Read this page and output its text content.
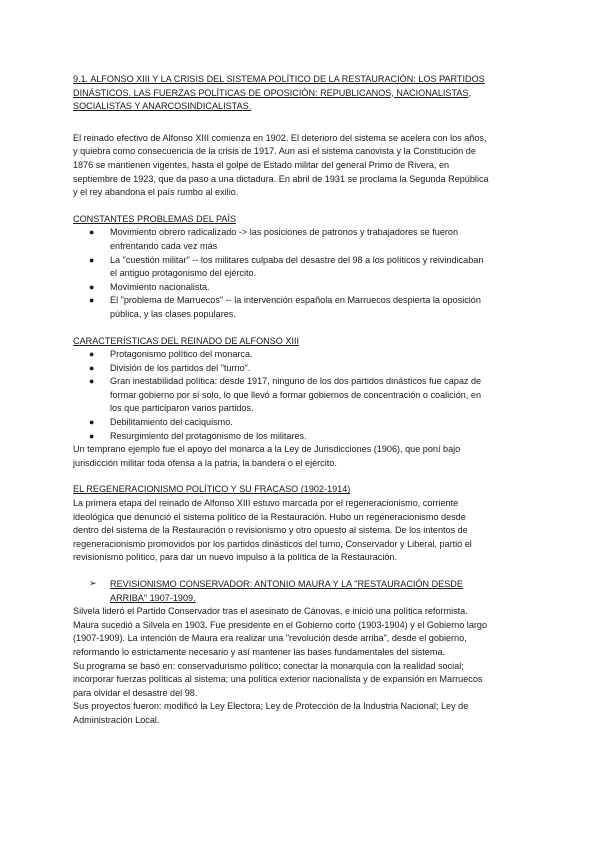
9.1. ALFONSO XIII Y LA CRISIS DEL SISTEMA POLÍTICO DE LA RESTAURACIÓN: LOS PARTIDOS DINÁSTICOS. LAS FUERZAS POLÍTICAS DE OPOSICIÓN: REPUBLICANOS, NACIONALISTAS, SOCIALISTAS Y ANARCOSINDICALISTAS.

El reinado efectivo de Alfonso XIII comienza en 1902. El deterioro del sistema se acelera con los años, y quiebra como consecuencia de la crisis de 1917. Aun así el sistema canovista y la Constitución de 1876 se mantienen vigentes, hasta el golpe de Estado militar del general Primo de Rivera, en septiembre de 1923, que da paso a una dictadura. En abril de 1931 se proclama la Segunda República y el rey abandona el país rumbo al exilio.

CONSTANTES PROBLEMAS DEL PAÍS

● Movimiento obrero radicalizado -> las posiciones de patronos y trabajadores se fueron enfrentando cada vez más
● La "cuestión militar" -- los militares culpaba del desastre del 98 a los políticos y reivindicaban el antiguo protagonismo del ejército.
● Movimiento nacionalista.
● El "problema de Marruecos" -- la intervención española en Marruecos despierta la oposición pública, y las clases populares.

CARACTERÍSTICAS DEL REINADO DE ALFONSO XIII

● Protagonismo político del monarca.
● División de los partidos del "turno".
● Gran inestabilidad política: desde 1917, ninguno de los dos partidos dinásticos fue capaz de formar gobierno por sí solo, lo que llevó a formar gobiernos de concentración o coalición, en los que participaron varios partidos.
● Debilitamiento del caciquismo.
● Resurgimiento del protagonismo de los militares.

Un temprano ejemplo fue el apoyo del monarca a la Ley de Jurisdicciones (1906), que poní bajo jurisdicción militar toda ofensa a la patria, la bandera o el ejército.

EL REGENERACIONISMO POLÍTICO Y SU FRACASO (1902-1914)

La primera etapa del reinado de Alfonso XIII estuvo marcada por el regeneracionismo, corriente ideológica que denunció el sistema político de la Restauración. Hubo un regeneracionismo desde dentro del sistema de la Restauración o revisionismo y otro opuesto al sistema. De los intentos de regeneracionismo promovidos por los partidos dinásticos del turno, Conservador y Liberal, partió el revisionismo político, para dar un nuevo impulso a la política de la Restauración.

➢ REVISIONISMO CONSERVADOR: ANTONIO MAURA Y LA "RESTAURACIÓN DESDE ARRIBA" 1907-1909.

Silvela lideró el Partido Conservador tras el asesinato de Cánovas, e inició una política reformista. Maura sucedió a Silvela en 1903. Fue presidente en el Gobierno corto (1903-1904) y el Gobierno largo (1907-1909). La intención de Maura era realizar una "revolución desde arriba", desde el gobierno, reformando lo estrictamente necesario y así mantener las bases fundamentales del sistema.

Su programa se basó en: conservadurismo político; conectar la monarquía con la realidad social; incorporar fuerzas políticas al sistema; una política exterior nacionalista y de expansión en Marruecos para olvidar el desastre del 98.

Sus proyectos fueron: modificó la Ley Electora; Ley de Protección de la Industria Nacional; Ley de Administración Local.
